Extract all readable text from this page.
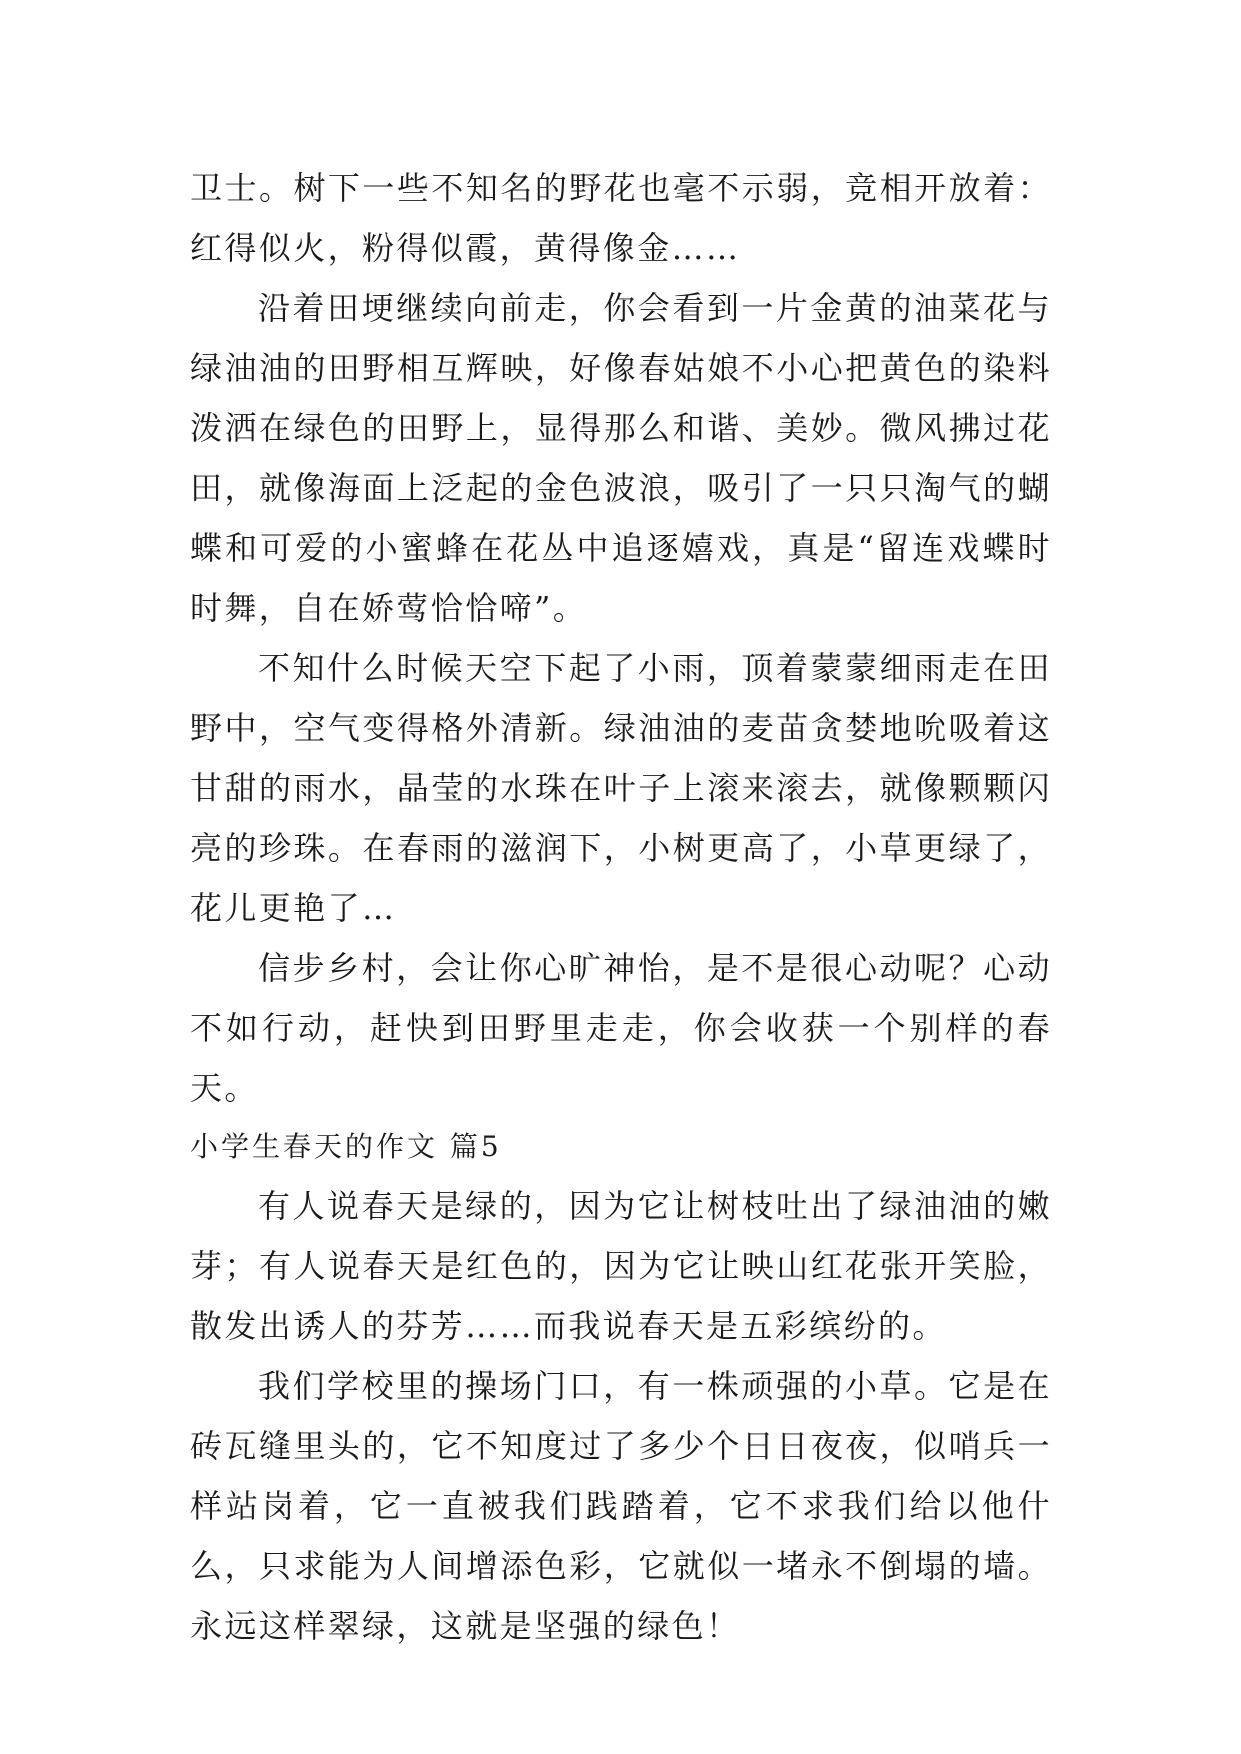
卫士。树下一些不知名的野花也毫不示弱，竞相开放着：红得似火，粉得似霞，黄得像金……

沿着田埂继续向前走，你会看到一片金黄的油菜花与绿油油的田野相互辉映，好像春姑娘不小心把黄色的染料泼洒在绿色的田野上，显得那么和谐、美妙。微风拂过花田，就像海面上泛起的金色波浪，吸引了一只只淘气的蝴蝶和可爱的小蜜蜂在花丛中追逐嬉戏，真是“留连戏蝶时时舞，自在娇莺恰恰啼”。

不知什么时候天空下起了小雨，顶着蒙蒙细雨走在田野中，空气变得格外清新。绿油油的麦苗贪婪地吮吸着这甘甜的雨水，晶莹的水珠在叶子上滚来滚去，就像颗颗闪亮的珍珠。在春雨的滋润下，小树更高了，小草更绿了，花儿更艳了…

信步乡村，会让你心旷神怡，是不是很心动呢？心动不如行动，赶快到田野里走走，你会收获一个别样的春天。

小学生春天的作文 篇5

有人说春天是绿的，因为它让树枝吐出了绿油油的嫩芽；有人说春天是红色的，因为它让映山红花张开笑脸，散发出诱人的芬芳……而我说春天是五彩缤纷的。

我们学校里的操场门口，有一株顽强的小草。它是在砖瓦缝里头的，它不知度过了多少个日日夜夜，似哨兵一样站岗着，它一直被我们践踏着，它不求我们给以他什么，只求能为人间增添色彩，它就似一堵永不倒塌的墙。永远这样翠绿，这就是坚强的绿色！
